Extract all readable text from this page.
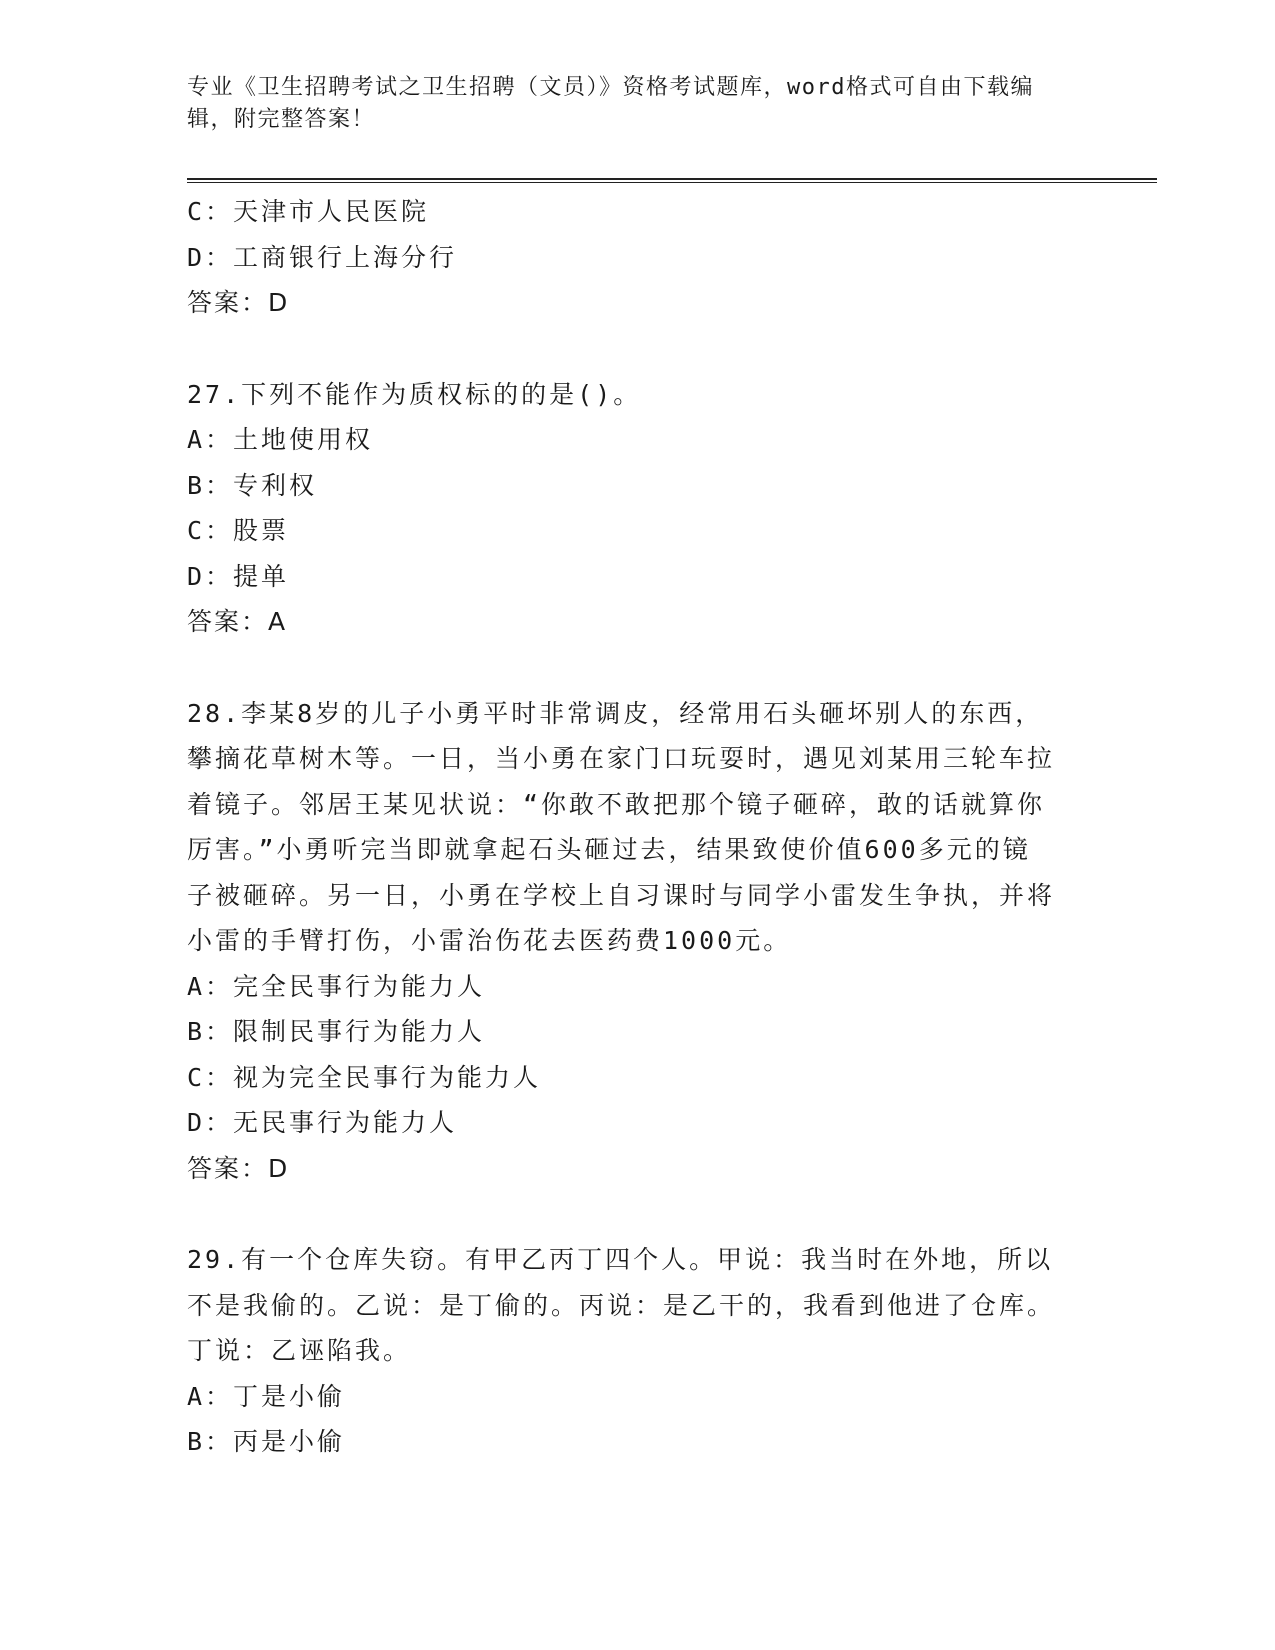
专业《卫生招聘考试之卫生招聘（文员）》资格考试题库，word格式可自由下载编辑，附完整答案！

C：天津市人民医院

D：工商银行上海分行

答案：D

27.下列不能作为质权标的的是()。

A：土地使用权

B：专利权

C：股票

D：提单

答案：A

28.李某8岁的儿子小勇平时非常调皮，经常用石头砸坏别人的东西，攀摘花草树木等。一日，当小勇在家门口玩耍时，遇见刘某用三轮车拉着镜子。邻居王某见状说：“你敢不敢把那个镜子砸碎，敢的话就算你厉害。”小勇听完当即就拿起石头砸过去，结果致使价值600多元的镜子被砸碎。另一日，小勇在学校上自习课时与同学小雷发生争执，并将小雷的手臂打伤，小雷治伤花去医药费1000元。

A：完全民事行为能力人

B：限制民事行为能力人

C：视为完全民事行为能力人

D：无民事行为能力人

答案：D

29.有一个仓库失窃。有甲乙丙丁四个人。甲说：我当时在外地，所以不是我偷的。乙说：是丁偷的。丙说：是乙干的，我看到他进了仓库。丁说：乙诬陷我。

A：丁是小偷

B：丙是小偷
